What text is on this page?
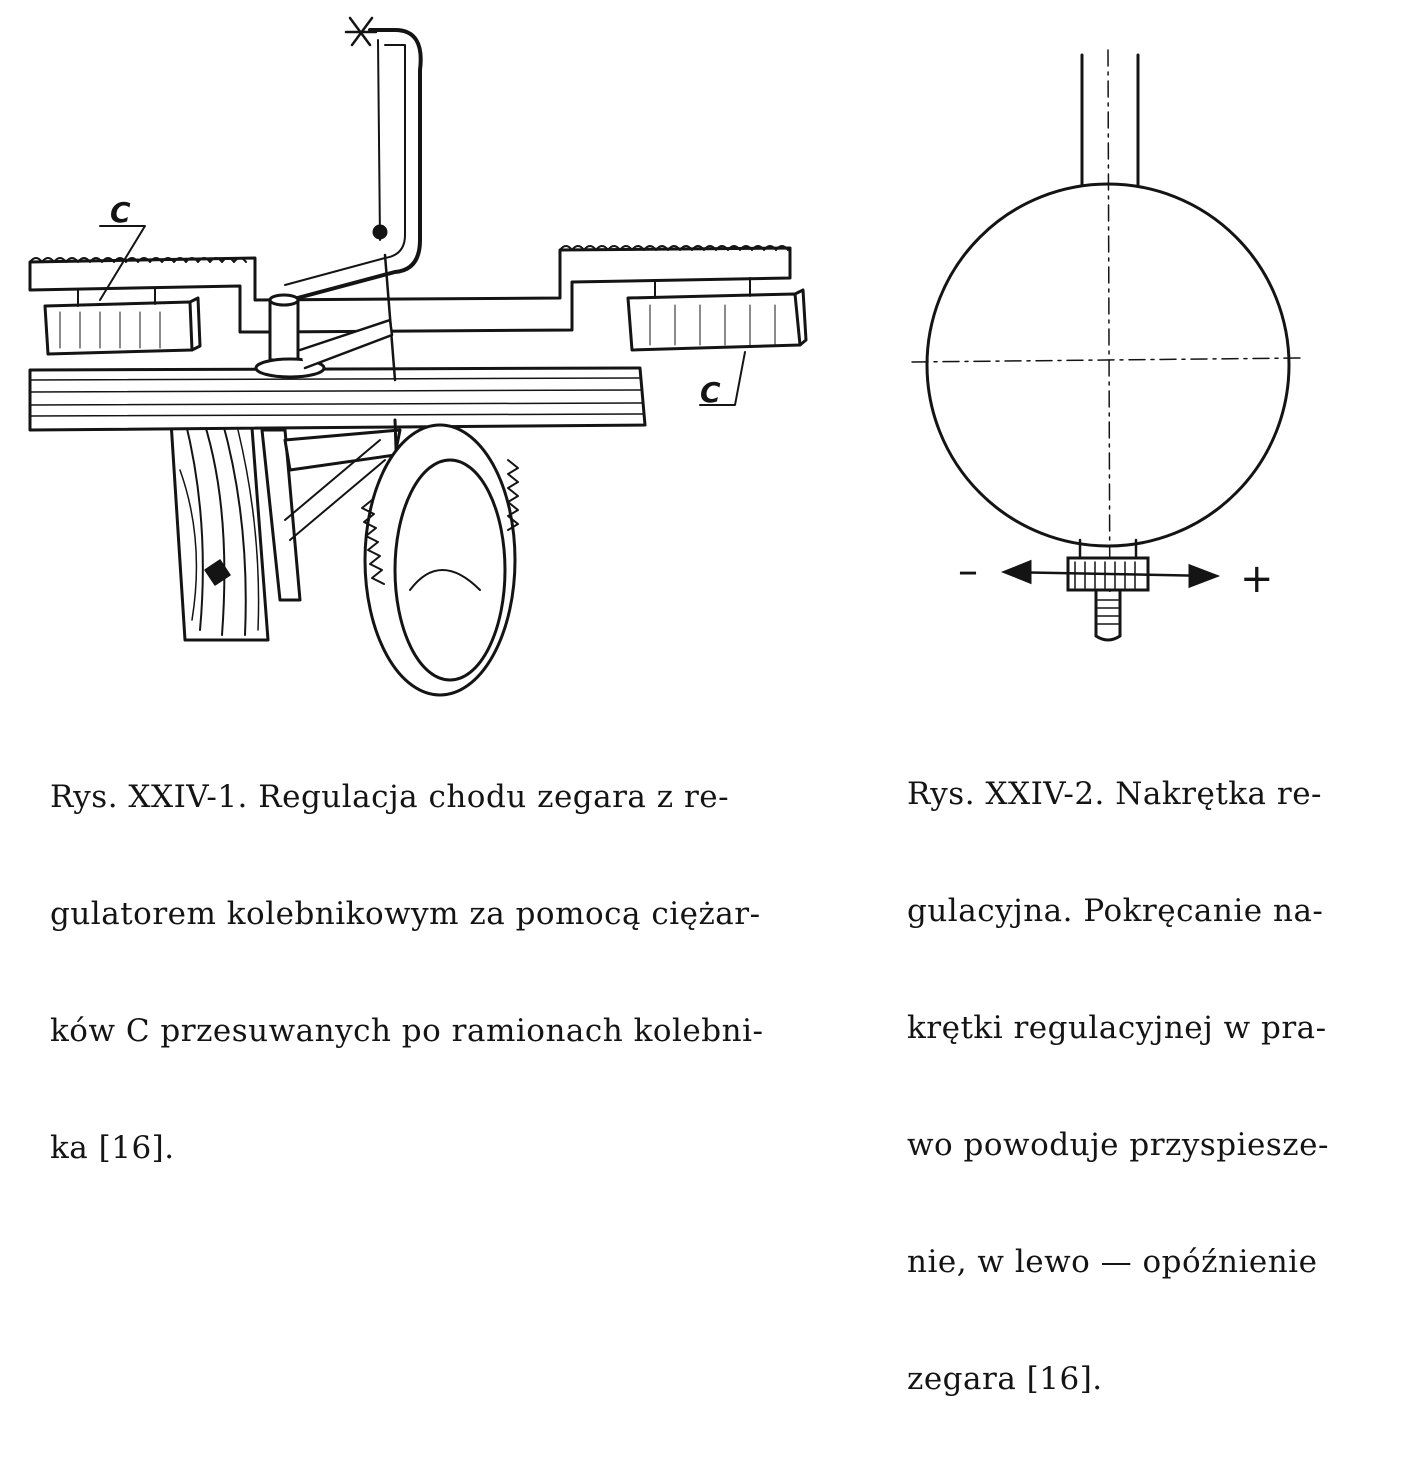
C
C
–	+

Rys. XXIV-1. Regulacja chodu zegara z re-

gulatorem kolebnikowym za pomocą ciężar-

ków C przesuwanych po ramionach kolebni-

ka [16].

Rys. XXIV-2. Nakrętka re-

gulacyjna. Pokręcanie na-

krętki regulacyjnej w pra-

wo powoduje przyspiesze-

nie, w lewo — opóźnienie

zegara [16].
